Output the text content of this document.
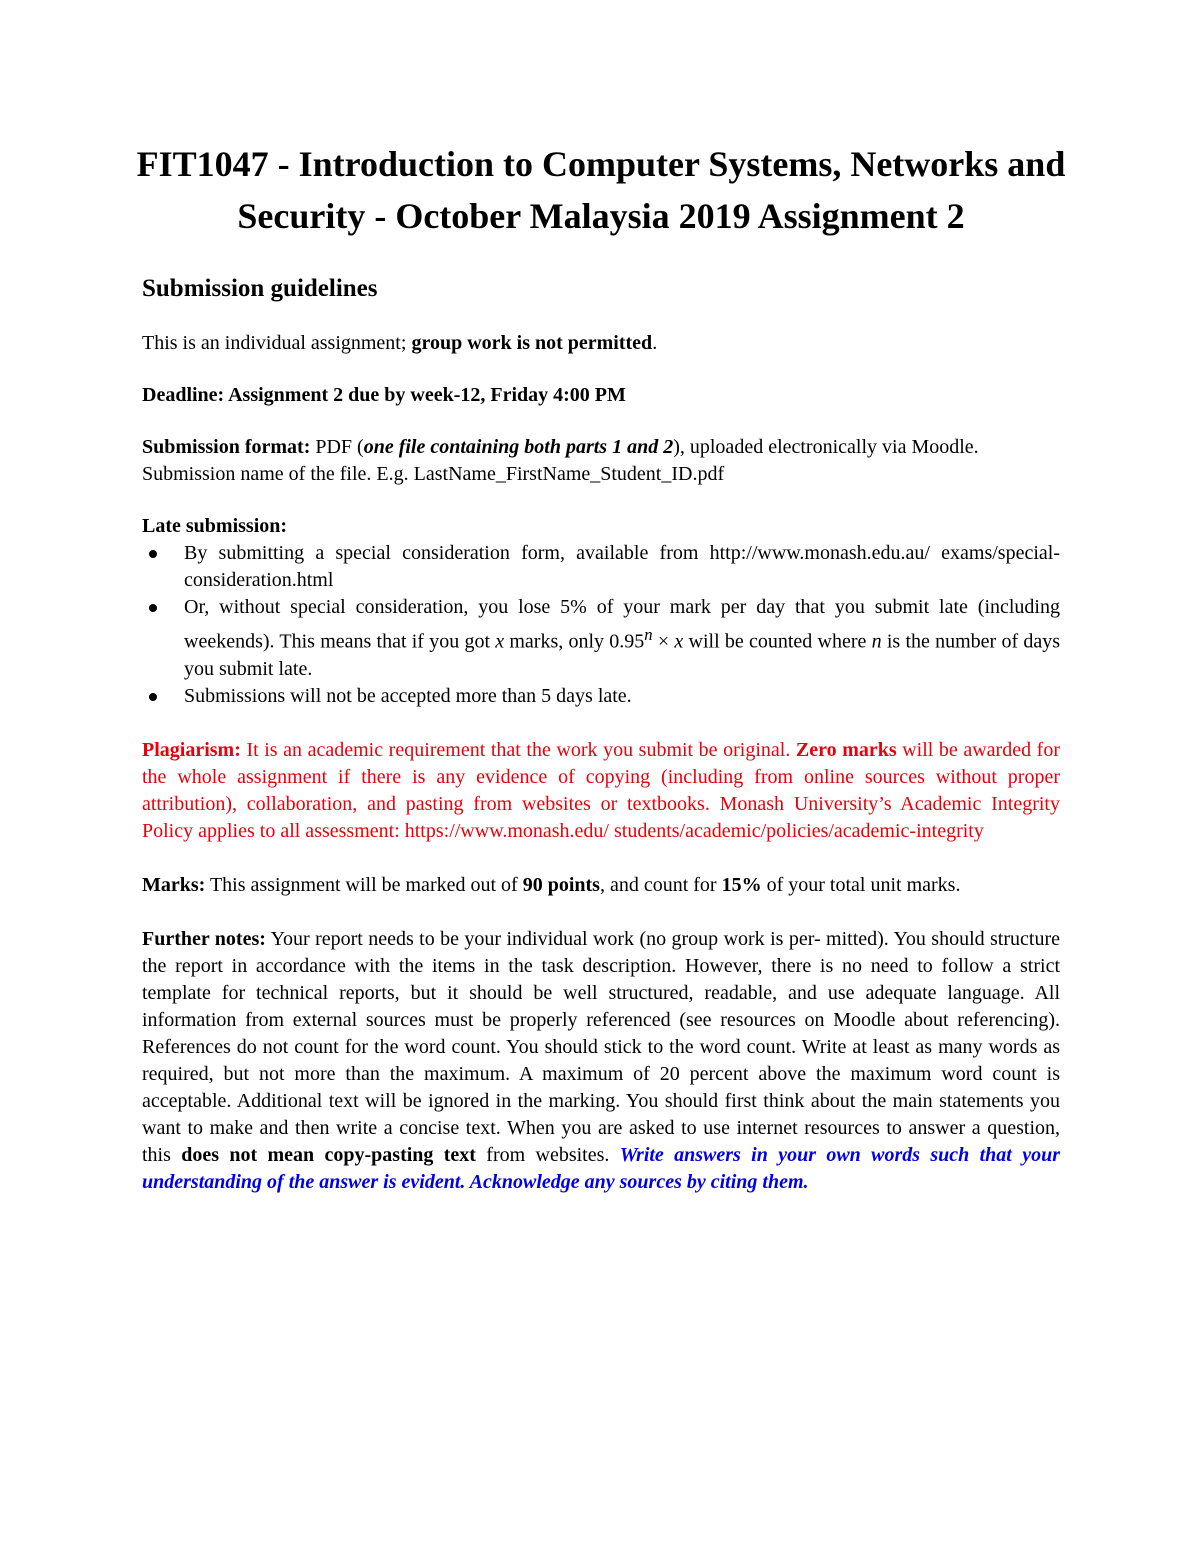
FIT1047 - Introduction to Computer Systems, Networks and
Security - October Malaysia 2019 Assignment 2
Submission guidelines

This is an individual assignment; group work is not permitted.

Deadline: Assignment 2 due by week-12, Friday 4:00 PM

Submission format: PDF (one file containing both parts 1 and 2), uploaded electronically via Moodle. Submission name of the file. E.g. LastName_FirstName_Student_ID.pdf

Late submission:

By submitting a special consideration form, available from http://www.monash.edu.au/ exams/special-consideration.html
Or, without special consideration, you lose 5% of your mark per day that you submit late (including weekends). This means that if you got x marks, only $0.95^n \times x$ will be counted where n is the number of days you submit late.
Submissions will not be accepted more than 5 days late.

Plagiarism: It is an academic requirement that the work you submit be original. Zero marks will be awarded for the whole assignment if there is any evidence of copying (including from online sources without proper attribution), collaboration, and pasting from websites or textbooks. Monash University’s Academic Integrity Policy applies to all assessment: https://www.monash.edu/ students/academic/policies/academic-integrity

Marks: This assignment will be marked out of 90 points, and count for 15% of your total unit marks.

Further notes: Your report needs to be your individual work (no group work is per- mitted). You should structure the report in accordance with the items in the task description. However, there is no need to follow a strict template for technical reports, but it should be well structured, readable, and use adequate language. All information from external sources must be properly referenced (see resources on Moodle about referencing). References do not count for the word count. You should stick to the word count. Write at least as many words as required, but not more than the maximum. A maximum of 20 percent above the maximum word count is acceptable. Additional text will be ignored in the marking. You should first think about the main statements you want to make and then write a concise text. When you are asked to use internet resources to answer a question, this does not mean copy-pasting text from websites. Write answers in your own words such that your understanding of the answer is evident. Acknowledge any sources by citing them.
